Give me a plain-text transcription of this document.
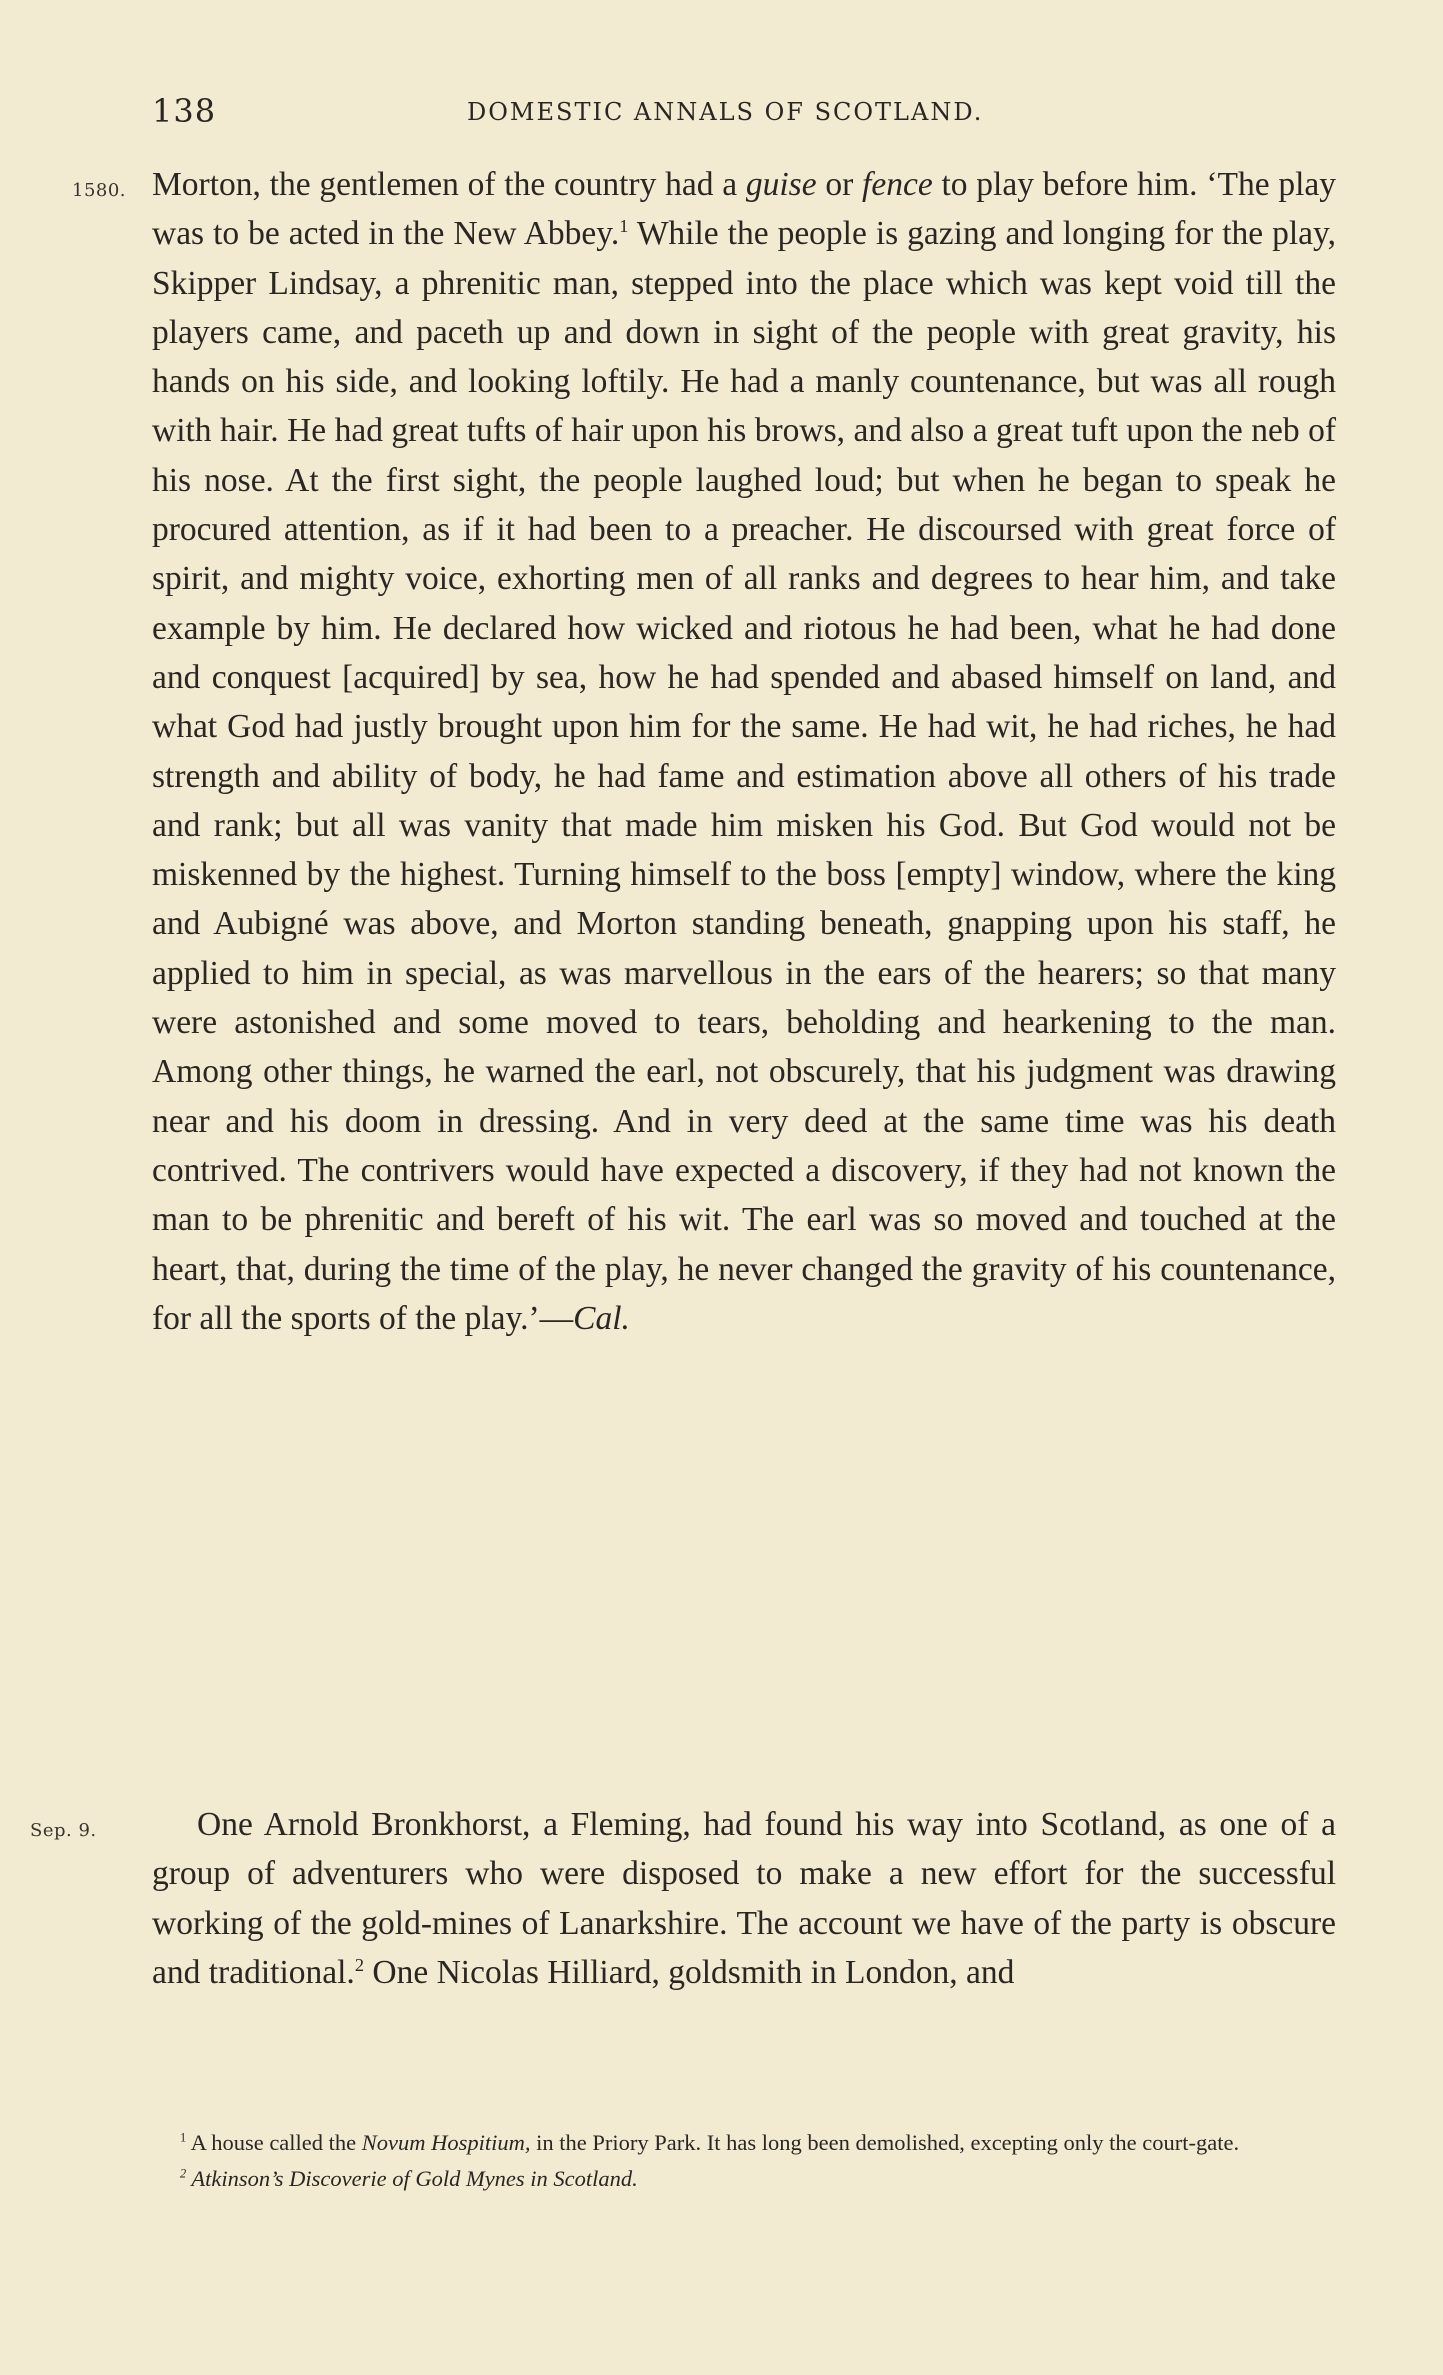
138	DOMESTIC ANNALS OF SCOTLAND.
1580.
Sep. 9.
Morton, the gentlemen of the country had a guise or fence to play before him. ‘The play was to be acted in the New Abbey.$^1$ While the people is gazing and longing for the play, Skipper Lindsay, a phrenitic man, stepped into the place which was kept void till the players came, and paceth up and down in sight of the people with great gravity, his hands on his side, and looking loftily. He had a manly countenance, but was all rough with hair. He had great tufts of hair upon his brows, and also a great tuft upon the neb of his nose. At the first sight, the people laughed loud; but when he began to speak he procured attention, as if it had been to a preacher. He discoursed with great force of spirit, and mighty voice, exhorting men of all ranks and degrees to hear him, and take example by him. He declared how wicked and riotous he had been, what he had done and conquest [acquired] by sea, how he had spended and abased himself on land, and what God had justly brought upon him for the same. He had wit, he had riches, he had strength and ability of body, he had fame and estimation above all others of his trade and rank; but all was vanity that made him misken his God. But God would not be miskenned by the highest. Turning himself to the boss [empty] window, where the king and Aubigné was above, and Morton standing beneath, gnapping upon his staff, he applied to him in special, as was marvellous in the ears of the hearers; so that many were astonished and some moved to tears, beholding and hearkening to the man. Among other things, he warned the earl, not obscurely, that his judgment was drawing near and his doom in dressing. And in very deed at the same time was his death contrived. The contrivers would have expected a discovery, if they had not known the man to be phrenitic and bereft of his wit. The earl was so moved and touched at the heart, that, during the time of the play, he never changed the gravity of his countenance, for all the sports of the play.’—Cal.
One Arnold Bronkhorst, a Fleming, had found his way into Scotland, as one of a group of adventurers who were disposed to make a new effort for the successful working of the gold-mines of Lanarkshire. The account we have of the party is obscure and traditional.$^2$ One Nicolas Hilliard, goldsmith in London, and
$^1$ A house called the Novum Hospitium, in the Priory Park. It has long been demolished, excepting only the court-gate.
$^2$ Atkinson’s Discoverie of Gold Mynes in Scotland.
